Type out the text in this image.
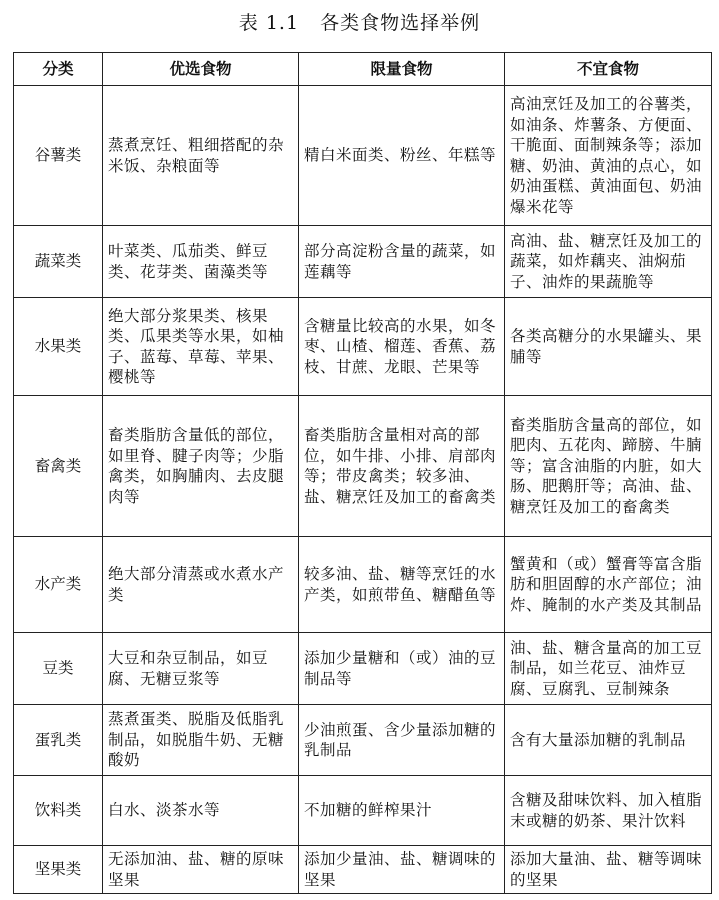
表 1.1   各类食物选择举例
分类	优选食物	限量食物	不宜食物
谷薯类	蒸煮烹饪、粗细搭配的杂米饭、杂粮面等	精白米面类、粉丝、年糕等	高油烹饪及加工的谷薯类，如油条、炸薯条、方便面、干脆面、面制辣条等；添加糖、奶油、黄油的点心，如奶油蛋糕、黄油面包、奶油爆米花等

蔬菜类	叶菜类、瓜茄类、鲜豆类、花芽类、菌藻类等	部分高淀粉含量的蔬菜，如莲藕等	高油、盐、糖烹饪及加工的蔬菜，如炸藕夹、油焖茄子、油炸的果蔬脆等

水果类	绝大部分浆果类、核果类、瓜果类等水果，如柚子、蓝莓、草莓、苹果、樱桃等	含糖量比较高的水果，如冬枣、山楂、榴莲、香蕉、荔枝、甘蔗、龙眼、芒果等	各类高糖分的水果罐头、果脯等

畜禽类	畜类脂肪含量低的部位，如里脊、腱子肉等；少脂禽类，如胸脯肉、去皮腿肉等	畜类脂肪含量相对高的部位，如牛排、小排、肩部肉等；带皮禽类；较多油、盐、糖烹饪及加工的畜禽类	畜类脂肪含量高的部位，如肥肉、五花肉、蹄膀、牛腩等；富含油脂的内脏，如大肠、肥鹅肝等；高油、盐、糖烹饪及加工的畜禽类

水产类	绝大部分清蒸或水煮水产类	较多油、盐、糖等烹饪的水产类，如煎带鱼、糖醋鱼等	蟹黄和（或）蟹膏等富含脂肪和胆固醇的水产部位；油炸、腌制的水产类及其制品

豆类	大豆和杂豆制品，如豆腐、无糖豆浆等	添加少量糖和（或）油的豆制品等	油、盐、糖含量高的加工豆制品，如兰花豆、油炸豆腐、豆腐乳、豆制辣条

蛋乳类	蒸煮蛋类、脱脂及低脂乳制品，如脱脂牛奶、无糖酸奶	少油煎蛋、含少量添加糖的乳制品	含有大量添加糖的乳制品

饮料类	白水、淡茶水等	不加糖的鲜榨果汁	含糖及甜味饮料、加入植脂末或糖的奶茶、果汁饮料

坚果类	无添加油、盐、糖的原味坚果	添加少量油、盐、糖调味的坚果	添加大量油、盐、糖等调味的坚果
